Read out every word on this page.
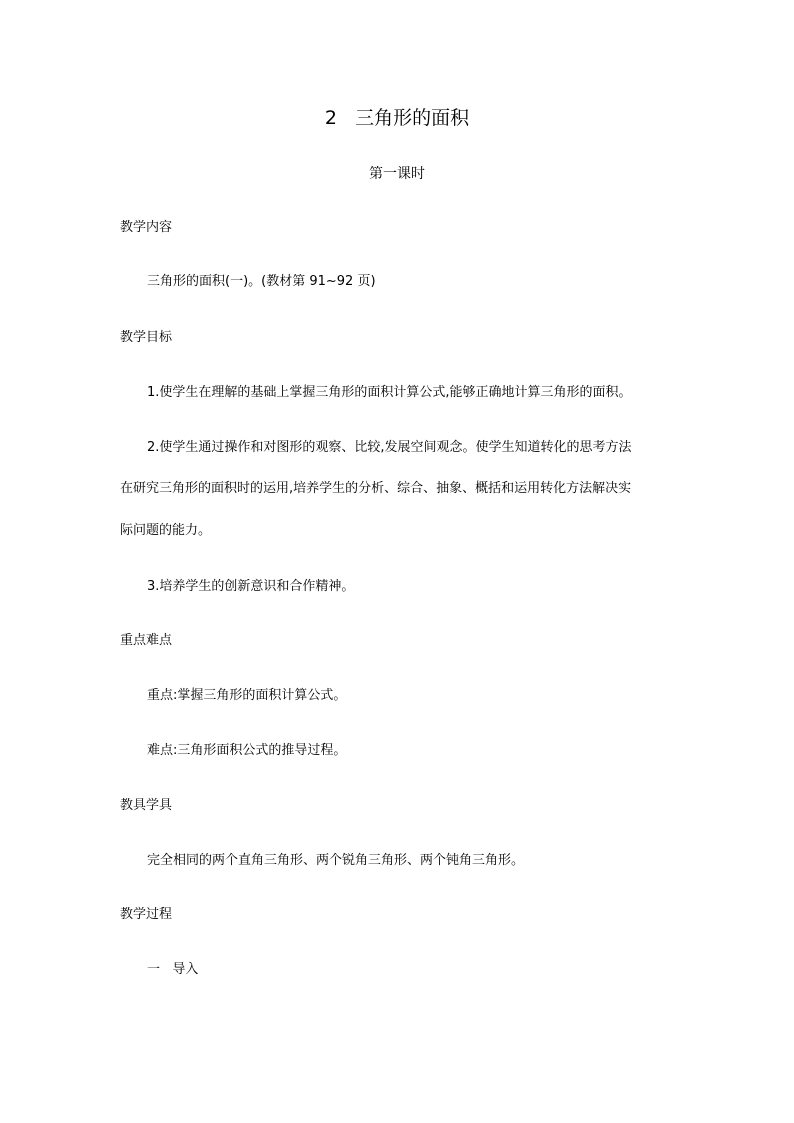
2   三角形的面积
第一课时
教学内容
三角形的面积(一)。(教材第 91~92 页)
教学目标
1.使学生在理解的基础上掌握三角形的面积计算公式,能够正确地计算三角形的面积。
2.使学生通过操作和对图形的观察、比较,发展空间观念。使学生知道转化的思考方法
在研究三角形的面积时的运用,培养学生的分析、综合、抽象、概括和运用转化方法解决实
际问题的能力。
3.培养学生的创新意识和合作精神。
重点难点
重点:掌握三角形的面积计算公式。
难点:三角形面积公式的推导过程。
教具学具
完全相同的两个直角三角形、两个锐角三角形、两个钝角三角形。
教学过程
一   导入
